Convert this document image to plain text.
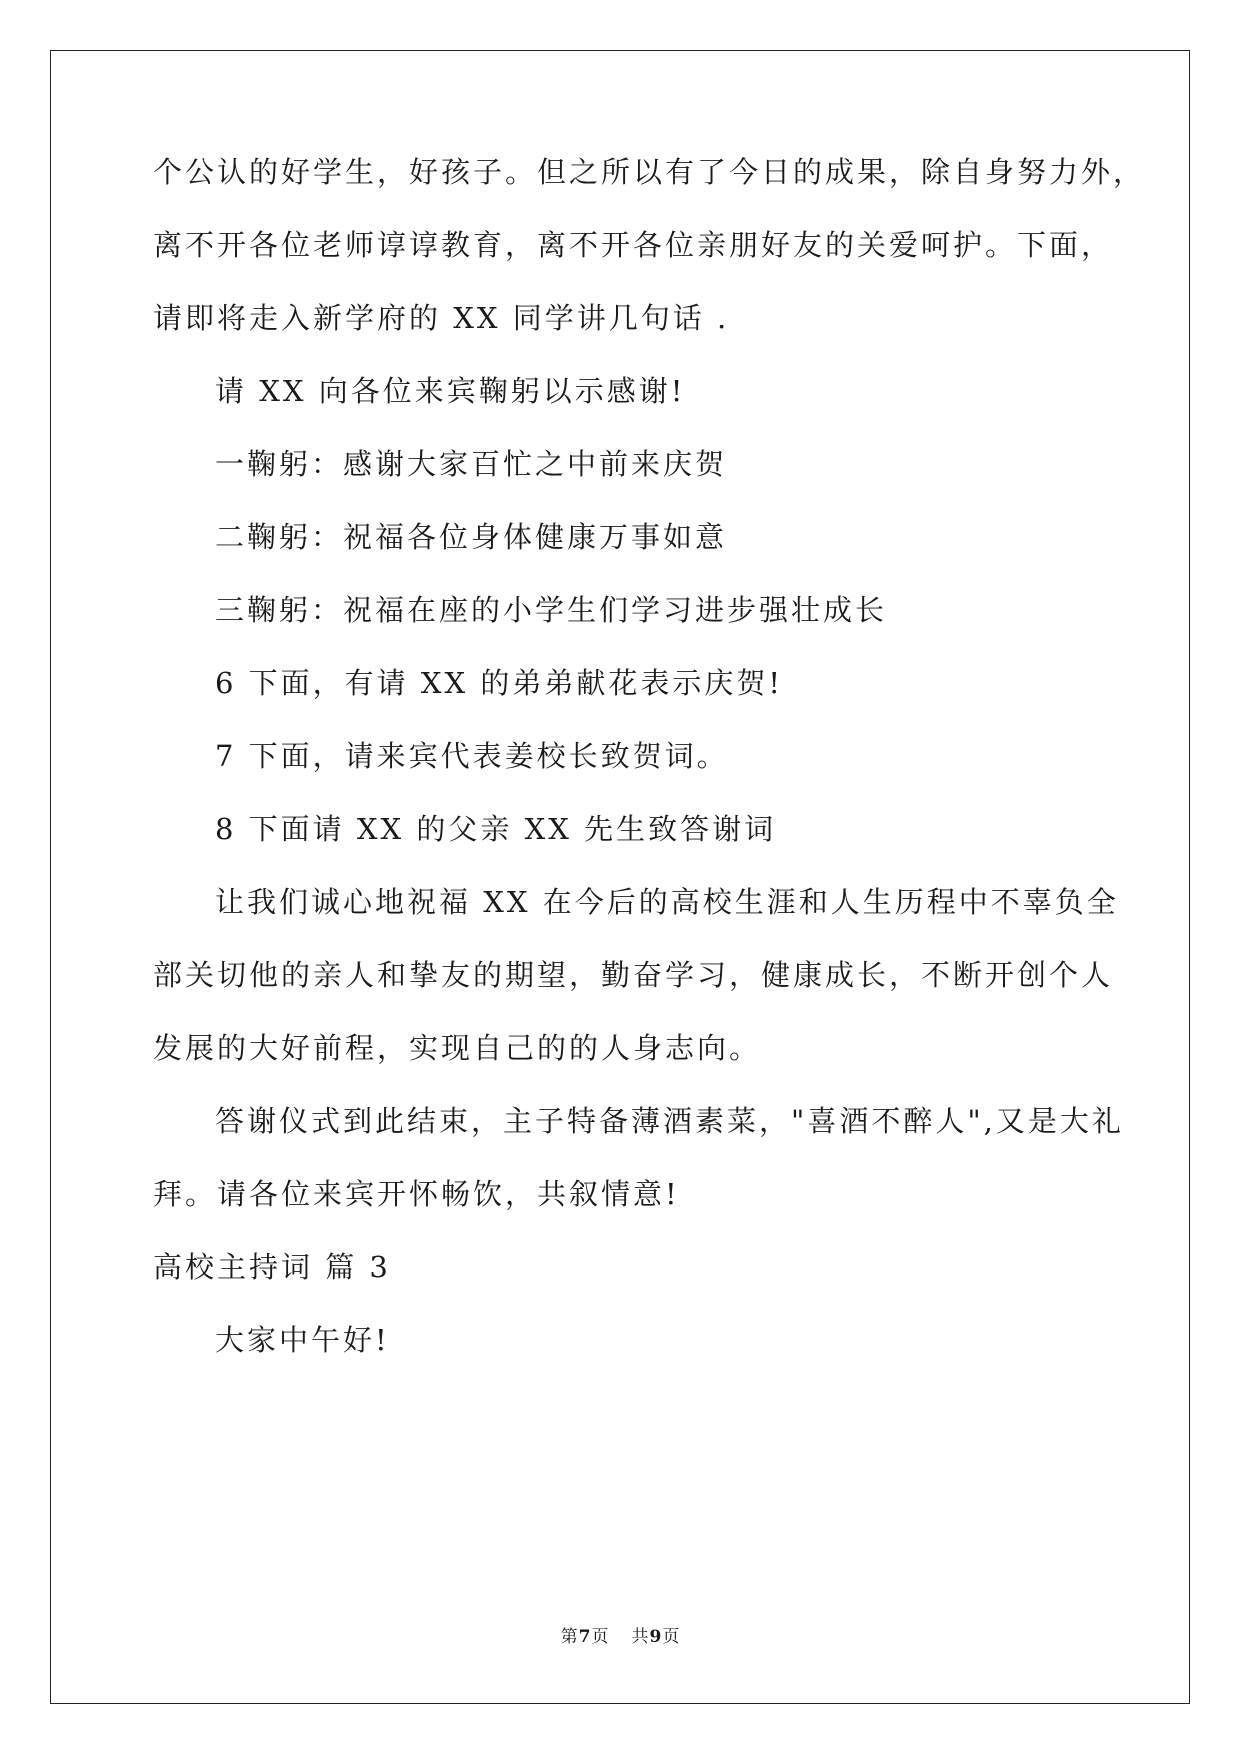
个公认的好学生，好孩子。但之所以有了今日的成果，除自身努力外，
离不开各位老师谆谆教育，离不开各位亲朋好友的关爱呵护。下面，
请即将走入新学府的 XX 同学讲几句话 .
请 XX 向各位来宾鞠躬以示感谢!
一鞠躬：感谢大家百忙之中前来庆贺
二鞠躬：祝福各位身体健康万事如意
三鞠躬：祝福在座的小学生们学习进步强壮成长
6 下面，有请 XX 的弟弟献花表示庆贺!
7 下面，请来宾代表姜校长致贺词。
8 下面请 XX 的父亲 XX 先生致答谢词
让我们诚心地祝福 XX 在今后的高校生涯和人生历程中不辜负全
部关切他的亲人和挚友的期望，勤奋学习，健康成长，不断开创个人
发展的大好前程，实现自己的的人身志向。
答谢仪式到此结束，主子特备薄酒素菜，"喜酒不醉人",又是大礼
拜。请各位来宾开怀畅饮，共叙情意!
高校主持词 篇 3
大家中午好!
第7页 共9页
